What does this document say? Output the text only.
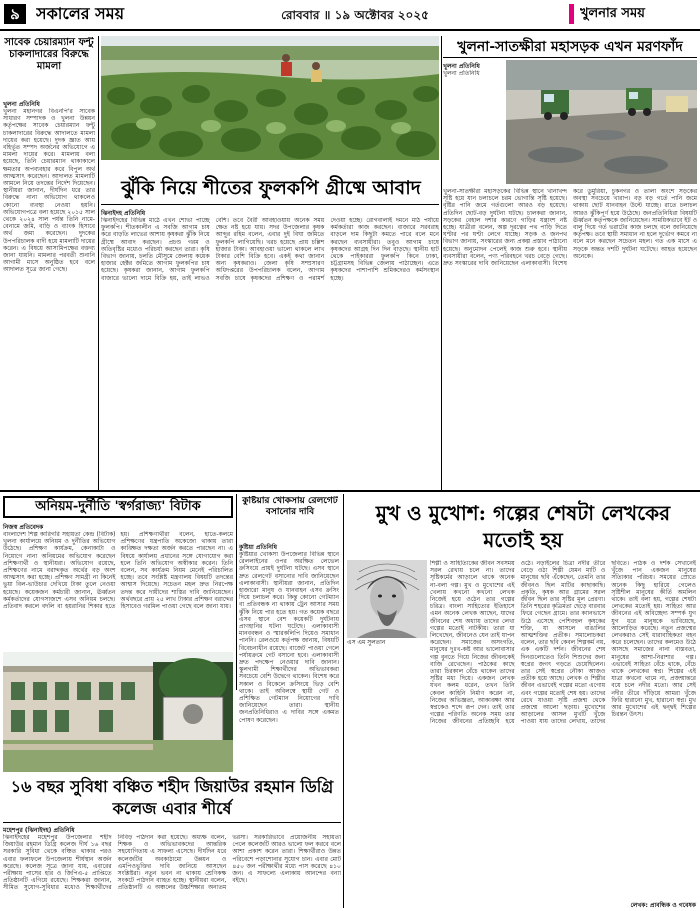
৯	সকালের সময়	রোববার ॥ ১৯ অক্টোবর ২০২৫	খুলনার সময়
সাবেক চেয়ারম্যান ফন্টু চাকলাদারের বিরুদ্ধে মামলা
খুলনা প্রতিনিধি
খুলনা মহানগর বিএনপি'র সাবেক সাধারণ সম্পাদক ও খুলনা উন্নয়ন কর্তৃপক্ষের সাবেক চেয়ারম্যান ফন্টু চাকলাদারের বিরুদ্ধে আদালতে মামলা দায়ের করা হয়েছে। দুদক জ্ঞাত আয় বহির্ভূত সম্পদ অর্জনের অভিযোগে এ মামলা দায়ের করে। মামলায় বলা হয়েছে, তিনি চেয়ারম্যান থাকাকালে ক্ষমতার অপব্যবহার করে বিপুল অর্থ আত্মসাৎ করেছেন। আদালত মামলাটি আমলে নিয়ে তদন্তের নির্দেশ দিয়েছেন। স্থানীয়রা জানান, দীর্ঘদিন ধরে তার বিরুদ্ধে নানা অভিযোগ থাকলেও কোনো ব্যবস্থা নেওয়া হয়নি। অভিযোগপত্রে বলা হয়েছে ২০১৫ সাল থেকে ২০২৪ সাল পর্যন্ত তিনি নামে-বেনামে জমি, বাড়ি ও ব্যাংক হিসাবে অর্থ জমা করেছেন। দুদকের উপপরিচালক বাদী হয়ে মামলাটি দায়ের করেন। এ বিষয়ে আসামিপক্ষের বক্তব্য জানা যায়নি। মামলার পরবর্তী শুনানি আগামী মাসে অনুষ্ঠিত হবে বলে আদালত সূত্রে জানা গেছে।
ঝুঁকি নিয়ে শীতের ফুলকপি গ্রীষ্মে আবাদ
ঝিনাইদহ প্রতিনিধি
ঝিনাইদহের বিভিন্ন মাঠে এখন শোভা পাচ্ছে ফুলকপি। শীতকালীন এ সবজি আগাম চাষ করে বাড়তি লাভের আশায় কৃষকরা ঝুঁকি নিয়ে গ্রীষ্মে আবাদ করছেন। প্রচণ্ড গরম ও অতিবৃষ্টির মধ্যেও পরিচর্যা করছেন তারা। কৃষি বিভাগ জানায়, চলতি মৌসুমে জেলায় কয়েক হাজার হেক্টর জমিতে আগাম ফুলকপির চাষ হয়েছে। কৃষকরা জানান, আগাম ফুলকপি বাজারে ভালো দামে বিক্রি হয়, তাই লাভও বেশি। তবে বৈরী আবহাওয়ায় অনেক সময় ক্ষেত নষ্ট হয়ে যায়। সদর উপজেলার কৃষক আব্দুর রহিম বলেন, এবার দুই বিঘা জমিতে ফুলকপি লাগিয়েছি। খরচ হয়েছে প্রায় চল্লিশ হাজার টাকা। আবহাওয়া ভালো থাকলে লাখ টাকার বেশি বিক্রি হবে। একই কথা জানান অন্য কৃষকরাও। জেলা কৃষি সম্প্রসারণ অধিদপ্তরের উপপরিচালক বলেন, আগাম সবজি চাষে কৃষকদের প্রশিক্ষণ ও পরামর্শ দেওয়া হচ্ছে। রোগবালাই দমনে মাঠ পর্যায়ে কর্মকর্তারা কাজ করছেন। বাজারে সরবরাহ বাড়লে দাম কিছুটা কমতে পারে বলে মনে করছেন ব্যবসায়ীরা। তবুও আগাম চাষে কৃষকদের আগ্রহ দিন দিন বাড়ছে। স্থানীয় হাট থেকে পাইকাররা ফুলকপি কিনে ঢাকা, চট্টগ্রামসহ বিভিন্ন জেলায় পাঠাচ্ছেন। এতে কৃষকদের পাশাপাশি শ্রমিকদেরও কর্মসংস্থান হচ্ছে।
খুলনা-সাতক্ষীরা মহাসড়ক এখন মরণফাঁদ
খুলনা প্রতিনিধি
খুলনা প্রতিনিধি
খুলনা-সাতক্ষীরা মহাসড়কের বিভিন্ন স্থানে খানাখন্দ সৃষ্টি হয়ে যান চলাচলে চরম ভোগান্তি সৃষ্টি হয়েছে। বৃষ্টির পানি জমে গর্তগুলো আরও বড় হয়েছে। প্রতিদিন ছোট-বড় দুর্ঘটনা ঘটছে। চালকরা জানান, সড়কের বেহাল দশার কারণে গাড়ির যন্ত্রাংশ নষ্ট হচ্ছে। যাত্রীরা বলেন, অল্প দূরত্বের পথ পাড়ি দিতে ঘণ্টার পর ঘণ্টা লেগে যাচ্ছে। সড়ক ও জনপথ বিভাগ জানায়, সংস্কারের জন্য প্রকল্প প্রস্তাব পাঠানো হয়েছে। অনুমোদন পেলেই কাজ শুরু হবে। স্থানীয় ব্যবসায়ীরা বলেন, পণ্য পরিবহনে খরচ বেড়ে গেছে। দ্রুত সংস্কারের দাবি জানিয়েছেন এলাকাবাসী। বিশেষ করে ডুমুরিয়া, চুকনগর ও তালা অংশে সড়কের অবস্থা সবচেয়ে খারাপ। বড় বড় গর্তে পানি জমে থাকায় ছোট যানবাহন উল্টে যাচ্ছে। রাতে চলাচল আরও ঝুঁকিপূর্ণ হয়ে উঠেছে। জনপ্রতিনিধিরা বিষয়টি ঊর্ধ্বতন কর্তৃপক্ষকে জানিয়েছেন। সাময়িকভাবে ইট ও বালু দিয়ে গর্ত ভরাটের কাজ চলছে বলে জানিয়েছে কর্তৃপক্ষ। তবে স্থায়ী সমাধান না হলে দুর্ভোগ কমবে না বলে মনে করছেন সচেতন মহল। গত এক মাসে এ সড়কে অন্তত দশটি দুর্ঘটনা ঘটেছে। আহত হয়েছেন অনেকে।
অনিয়ম-দুর্নীতি 'স্বর্গরাজ্য' বিটাক
নিজস্ব প্রতিবেদক
বাংলাদেশ শিল্প কারিগরি সহায়তা কেন্দ্র (বিটাক) খুলনা কার্যালয়ে অনিয়ম ও দুর্নীতির অভিযোগ উঠেছে। প্রশিক্ষণ কার্যক্রম, কেনাকাটা ও নিয়োগে নানা অনিয়মের অভিযোগ করেছেন প্রশিক্ষণার্থী ও স্থানীয়রা। অভিযোগ রয়েছে, প্রশিক্ষণের নামে বরাদ্দকৃত অর্থের বড় অংশ আত্মসাৎ করা হচ্ছে। প্রশিক্ষণ সামগ্রী না কিনেই ভুয়া বিল-ভাউচার দেখিয়ে টাকা তুলে নেওয়া হয়েছে। কয়েকজন কর্মচারী জানান, ঊর্ধ্বতন কর্মকর্তাদের যোগসাজশে এসব অনিয়ম চলছে। প্রতিবাদ করলে বদলি বা হয়রানির শিকার হতে হয়। প্রশিক্ষণার্থীরা বলেন, হাতে-কলমে প্রশিক্ষণের যন্ত্রপাতি অকেজো থাকায় তারা কাঙ্ক্ষিত দক্ষতা অর্জন করতে পারছেন না। এ বিষয়ে কার্যালয় প্রধানের সঙ্গে যোগাযোগ করা হলে তিনি অভিযোগ অস্বীকার করেন। তিনি বলেন, সব কার্যক্রম নিয়ম মেনেই পরিচালিত হচ্ছে। তবে সংশ্লিষ্ট মন্ত্রণালয় বিষয়টি তদন্তের আশ্বাস দিয়েছে। সচেতন মহল দ্রুত নিরপেক্ষ তদন্ত করে দায়ীদের শাস্তির দাবি জানিয়েছেন। অর্থবছরে প্রায় ২৫ লাখ টাকার প্রশিক্ষণ বরাদ্দের হিসাবেও গরমিল পাওয়া গেছে বলে জানা যায়।
কুষ্টিয়ার খোকসায় রেলগেট বসানোর দাবি
কুষ্টিয়া প্রতিনিধি
কুষ্টিয়ার খোকসা উপজেলার বিভিন্ন স্থানে রেললাইনের ওপর অরক্ষিত লেভেল ক্রসিংয়ে প্রায়ই দুর্ঘটনা ঘটছে। এসব স্থানে দ্রুত রেলগেট বসানোর দাবি জানিয়েছেন এলাকাবাসী। স্থানীয়রা জানান, প্রতিদিন হাজারো মানুষ ও যানবাহন এসব ক্রসিং দিয়ে চলাচল করে। কিন্তু কোনো গেটম্যান বা প্রতিবন্ধক না থাকায় ট্রেন আসার সময় ঝুঁকি নিয়ে পার হতে হয়। গত কয়েক বছরে এসব স্থানে বেশ কয়েকটি দুর্ঘটনায় প্রাণহানির ঘটনা ঘটেছে। এলাকাবাসী মানববন্ধন ও স্মারকলিপি দিয়েও সমাধান পাননি। রেলওয়ে কর্তৃপক্ষ জানায়, বিষয়টি বিবেচনাধীন রয়েছে। বাজেট পাওয়া গেলে পর্যায়ক্রমে গেট বসানো হবে। এলাকাবাসী দ্রুত পদক্ষেপ নেওয়ার দাবি জানান। স্কুলগামী শিক্ষার্থীদের অভিভাবকরা সবচেয়ে বেশি উদ্বেগে থাকেন। বিশেষ করে সকাল ও বিকেলে ক্রসিংয়ে ভিড় বেশি থাকে। তাই অবিলম্বে স্থায়ী গেট ও প্রশিক্ষিত গেটম্যান নিয়োগের দাবি জানিয়েছেন তারা। স্থানীয় জনপ্রতিনিধিরাও এ দাবির সঙ্গে একমত পোষণ করেছেন।
১৬ বছর সুবিধা বঞ্চিত শহীদ জিয়াউর রহমান ডিগ্রি কলেজ এবার শীর্ষে
মহেশপুর (ঝিনাইদহ) প্রতিনিধি
ঝিনাইদহের মহেশপুর উপজেলার শহীদ জিয়াউর রহমান ডিগ্রি কলেজ দীর্ঘ ১৬ বছর সরকারি সুবিধা থেকে বঞ্চিত থাকার পরও এবার ফলাফলে উপজেলায় শীর্ষস্থান অর্জন করেছে। কলেজ সূত্রে জানা যায়, এবারের পরীক্ষায় পাসের হার ও জিপিএ-৫ প্রাপ্তিতে প্রতিষ্ঠানটি এগিয়ে রয়েছে। শিক্ষকরা জানান, সীমিত সুযোগ-সুবিধার মধ্যেও শিক্ষার্থীদের নিবিড় পাঠদান করা হয়েছে। অধ্যক্ষ বলেন, শিক্ষক ও অভিভাবকদের আন্তরিক সহযোগিতায় এ সাফল্য এসেছে। দীর্ঘদিন ধরে কলেজটির অবকাঠামো উন্নয়ন ও এমপিওভুক্তির দাবি জানিয়ে আসছেন সংশ্লিষ্টরা। নতুন ভবন না থাকায় শ্রেণিকক্ষ সংকটে পাঠদান ব্যাহত হচ্ছে। স্থানীয়রা বলেন, প্রতিষ্ঠানটি এ অঞ্চলের উচ্চশিক্ষার অন্যতম ভরসা। সরকারিভাবে প্রয়োজনীয় সহায়তা পেলে কলেজটি আরও ভালো ফল করবে বলে আশা প্রকাশ করেন তারা। শিক্ষার্থীরাও উন্নত পরিবেশে পড়াশোনার সুযোগ চান। এবার মোট ৪৫০ জন পরীক্ষার্থীর মধ্যে পাস করেছে ৪১০ জন। এ সাফল্যে এলাকায় আনন্দের বন্যা বইছে।
মুখ ও মুখোশ: গল্পের শেষটা লেখকের মতোই হয়
এস এম সুলতান
শিল্পী ও সাহিত্যিকের জীবন সবসময় সরল রেখায় চলে না। তাদের সৃষ্টিকর্মের আড়ালে থাকে অনেক না-বলা গল্প। মুখ ও মুখোশের এই খেলায় কখনো কখনো লেখক নিজেই হয়ে ওঠেন তার গল্পের চরিত্র। বাংলা সাহিত্যের ইতিহাসে এমন অনেক লেখক আছেন, যাদের জীবনের শেষ অধ্যায় তাদের লেখা গল্পের মতোই নাটকীয়। তারা যা লিখেছেন, জীবনেও যেন তাই যাপন করেছেন। সমাজের অসংগতি, মানুষের দুঃখ-কষ্ট আর ভালোবাসার গল্প বুনতে গিয়ে নিজের জীবনকেই বাজি রেখেছেন। পাঠকের কাছে তারা চিরকাল বেঁচে থাকেন তাদের সৃষ্টির মধ্য দিয়ে। একজন লেখক যখন কলম ধরেন, তখন তিনি কেবল কাহিনি নির্মাণ করেন না, নিজের অভিজ্ঞতা, আকাঙ্ক্ষা আর স্বপ্নকেও শব্দে রূপ দেন। তাই তার গল্পের পরিণতি অনেক সময় তার নিজের জীবনের প্রতিচ্ছবি হয়ে ওঠে। নড়াইলের চিত্রা নদীর তীরে বেড়ে ওঠা শিল্পী যেমন মাটি ও মানুষের ছবি এঁকেছেন, তেমনি তার জীবনও ছিল মাটির কাছাকাছি। প্রকৃতি, কৃষক আর গ্রামের সরল জীবন ছিল তার সৃষ্টির মূল প্রেরণা। তিনি শহরের কৃত্রিমতা ছেড়ে বারবার ফিরে গেছেন গ্রামে। তার ক্যানভাসে উঠে এসেছে পেশিবহুল কৃষকের শক্তি, যা আসলে বাঙালির আত্মশক্তির প্রতীক। সমালোচকরা বলেন, তার ছবি কেবল শিল্পকর্ম নয়, এক একটি দর্শন। জীবনের শেষ দিনগুলোতেও তিনি শিশুদের জন্য স্বপ্নের জগৎ গড়তে চেয়েছিলেন। তার সেই স্বপ্নের নৌকা আজও প্রতীক হয়ে আছে। লেখক ও শিল্পীর জীবন এভাবেই গল্পের মতো এগোয় এবং গল্পের মতোই শেষ হয়। তাদের রেখে যাওয়া সৃষ্টি প্রজন্ম থেকে প্রজন্মে আলো ছড়ায়। মুখোশের আড়ালের আসল মুখটি খুঁজে পাওয়া যায় তাদের লেখায়, তাদের ছবিতে। পাঠক ও দর্শক সেখানেই খুঁজে পান একজন মানুষের সত্যিকার পরিচয়। সময়ের স্রোতে অনেক কিছু হারিয়ে গেলেও সৃষ্টিশীল মানুষের কীর্তি অমলিন থাকে। তাই বলা হয়, গল্পের শেষটা লেখকের মতোই হয়। সাহিত্য আর জীবনের এই অবিচ্ছেদ্য সম্পর্ক যুগ যুগ ধরে মানুষকে ভাবিয়েছে, আলোড়িত করেছে। নতুন প্রজন্মের লেখকরাও সেই ধারাবাহিকতা বহন করে চলেছেন। তাদের কলমেও উঠে আসছে সমাজের নানা বাস্তবতা, মানুষের আশা-নিরাশার গল্প। এভাবেই সাহিত্য বেঁচে থাকে, বেঁচে থাকে লেখকের স্বপ্ন। শিল্পের এই যাত্রা কখনো থামে না, প্রজন্মান্তরে বয়ে চলে নদীর মতো। আর সেই নদীর তীরে দাঁড়িয়ে আমরা খুঁজে ফিরি হারানো মুখ, হারানো স্বপ্ন। মুখ আর মুখোশের এই দ্বন্দ্বই শিল্পের চিরন্তন উৎস।
লেখক: প্রাবন্ধিক ও গবেষক
